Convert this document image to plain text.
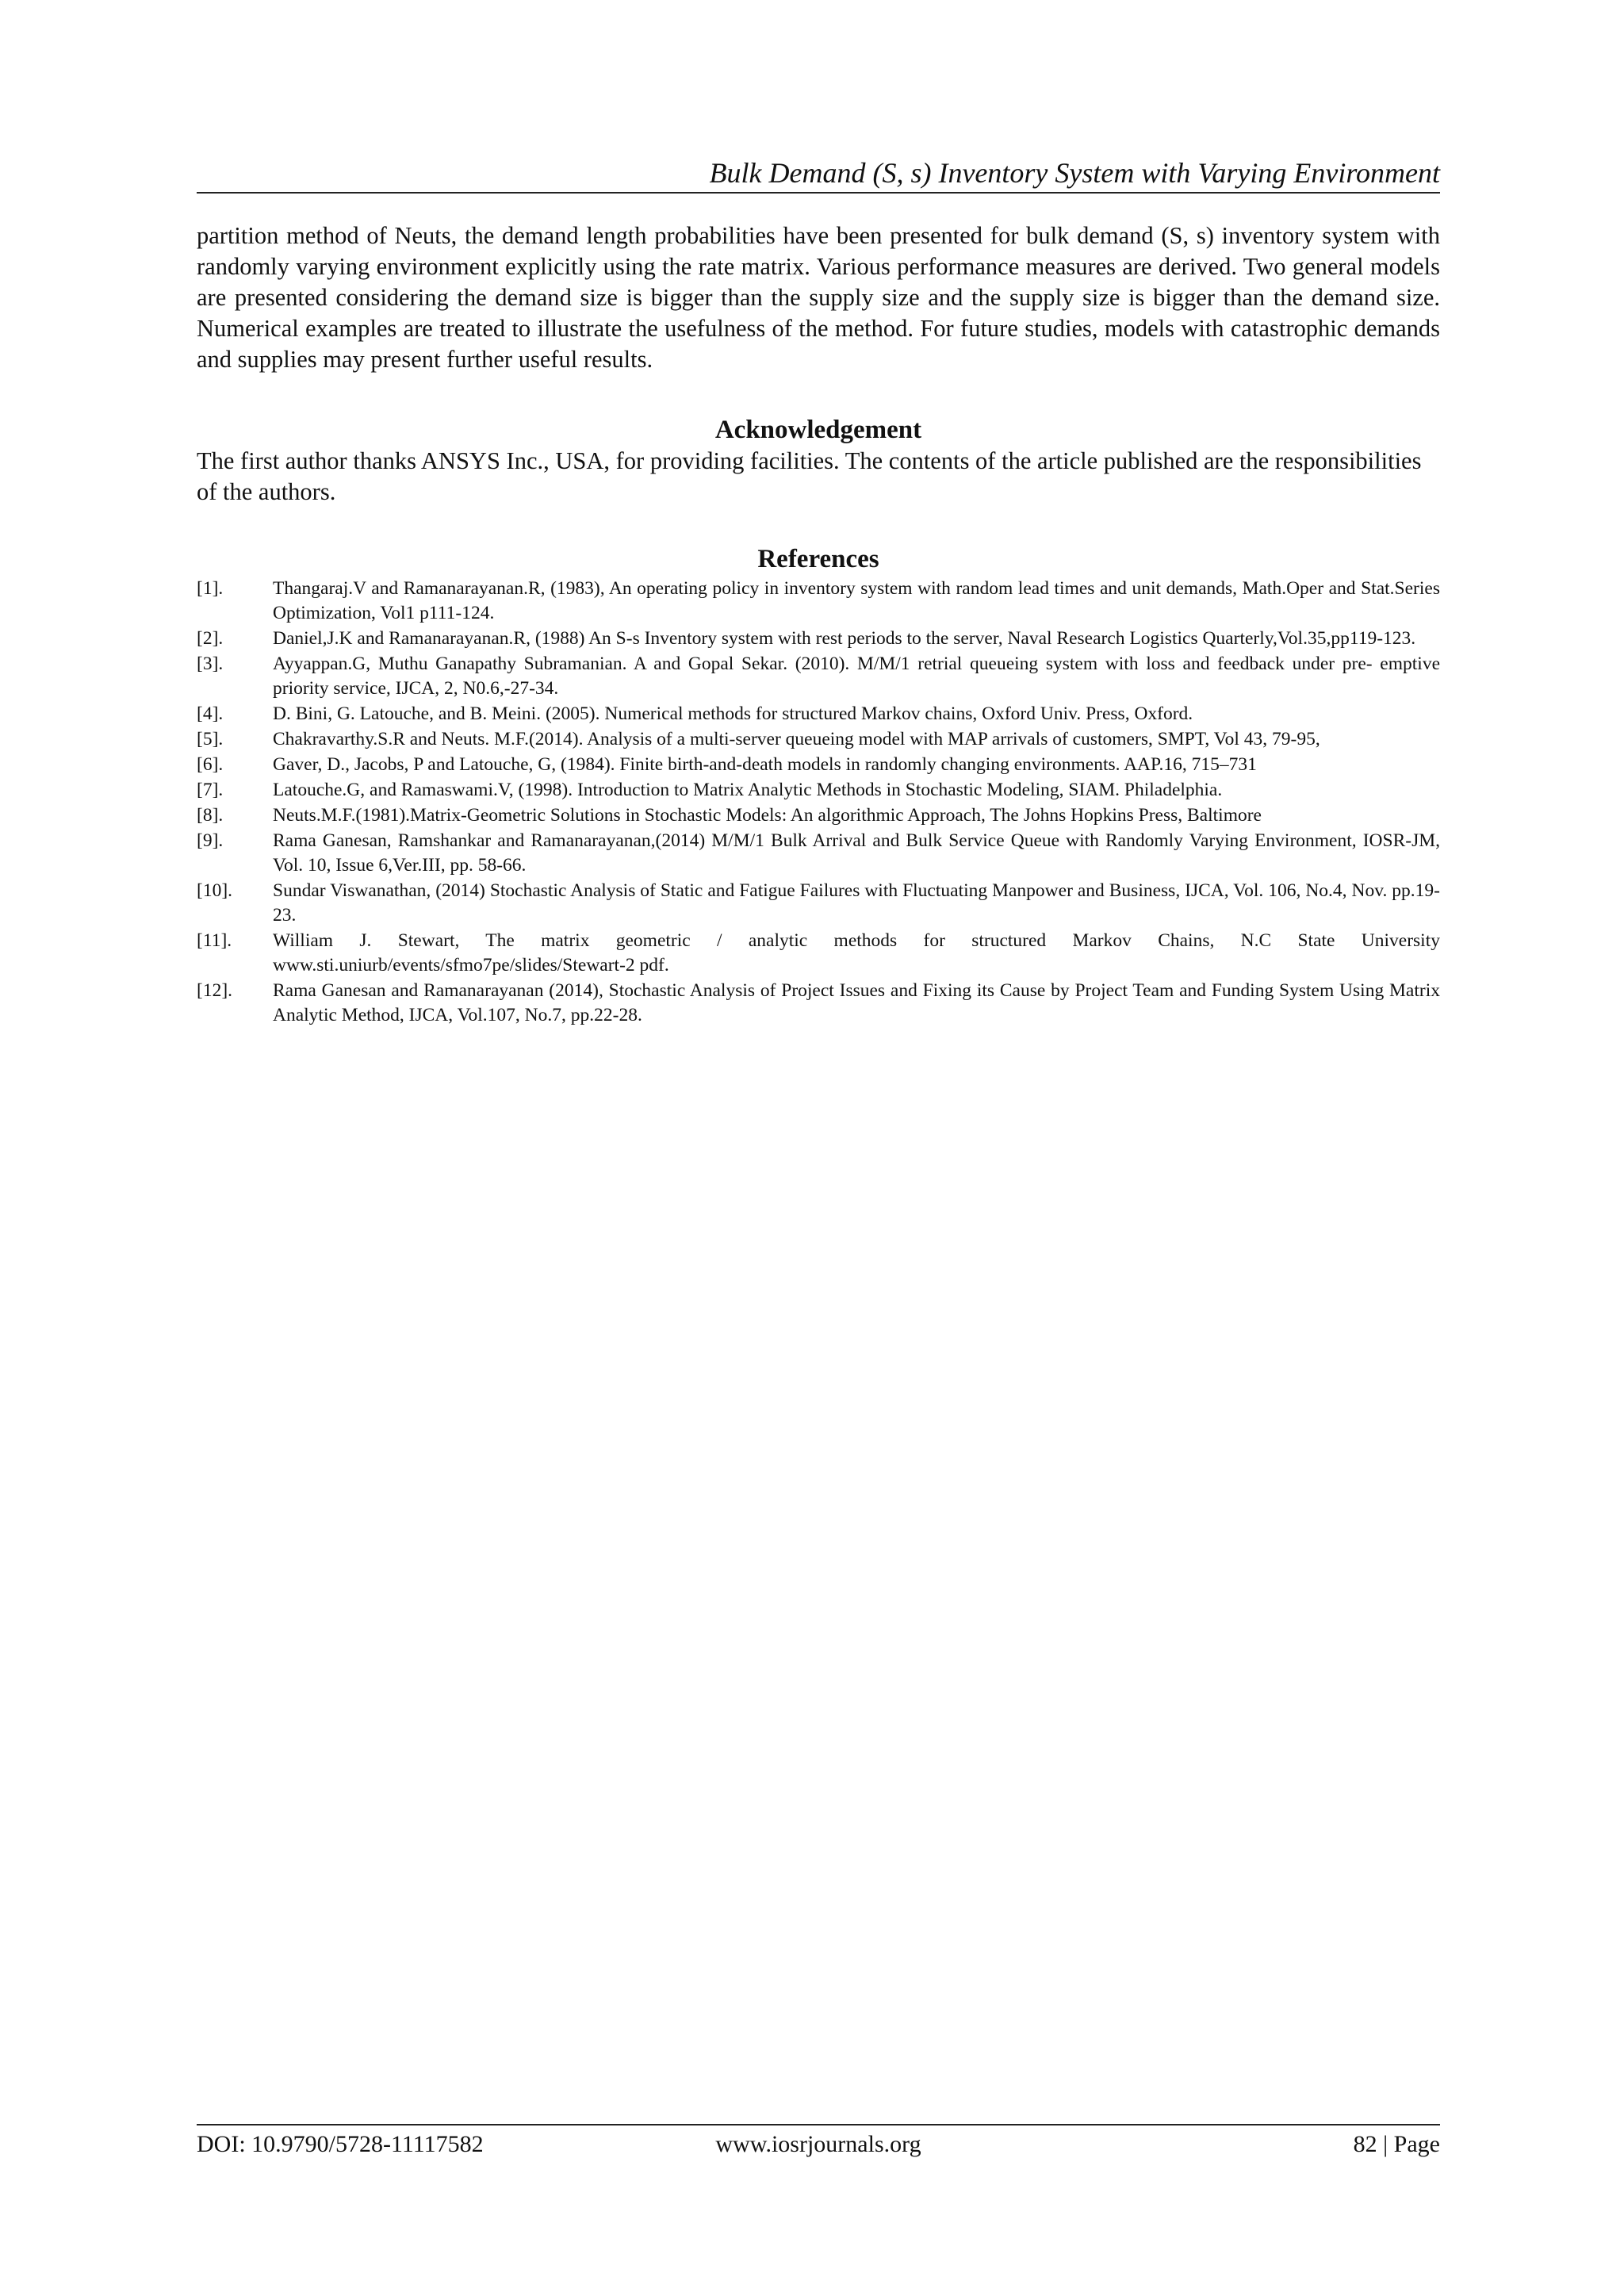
Bulk Demand (S, s) Inventory System with Varying Environment

partition method of Neuts, the demand length probabilities have been presented for bulk demand (S, s) inventory system with randomly varying environment explicitly using the rate matrix. Various performance measures are derived. Two general models are presented considering the demand size is bigger than the supply size and the supply size is bigger than the demand size. Numerical examples are treated to illustrate the usefulness of the method. For future studies, models with catastrophic demands and supplies may present further useful results.

Acknowledgement

The first author thanks ANSYS Inc., USA, for providing facilities. The contents of the article published are the responsibilities of the authors.

References
[1].	Thangaraj.V and Ramanarayanan.R, (1983), An operating policy in inventory system with random lead times and unit demands, Math.Oper and Stat.Series Optimization, Vol1 p111-124.
[2].	Daniel,J.K and Ramanarayanan.R, (1988) An S-s Inventory system with rest periods to the server, Naval Research Logistics Quarterly,Vol.35,pp119-123.
[3].	Ayyappan.G, Muthu Ganapathy Subramanian. A and Gopal Sekar. (2010). M/M/1 retrial queueing system with loss and feedback under pre- emptive priority service, IJCA, 2, N0.6,-27-34.
[4].	D. Bini, G. Latouche, and B. Meini. (2005). Numerical methods for structured Markov chains, Oxford Univ. Press, Oxford.
[5].	Chakravarthy.S.R and Neuts. M.F.(2014). Analysis of a multi-server queueing model with MAP arrivals of customers, SMPT, Vol 43, 79-95,
[6].	Gaver, D., Jacobs, P and Latouche, G, (1984). Finite birth-and-death models in randomly changing environments. AAP.16, 715–731
[7].	Latouche.G, and Ramaswami.V, (1998). Introduction to Matrix Analytic Methods in Stochastic Modeling, SIAM. Philadelphia.
[8].	Neuts.M.F.(1981).Matrix-Geometric Solutions in Stochastic Models: An algorithmic Approach, The Johns Hopkins Press, Baltimore
[9].	Rama Ganesan, Ramshankar and Ramanarayanan,(2014) M/M/1 Bulk Arrival and Bulk Service Queue with Randomly Varying Environment, IOSR-JM, Vol. 10, Issue 6,Ver.III, pp. 58-66.
[10]. Sundar Viswanathan, (2014) Stochastic Analysis of Static and Fatigue Failures with Fluctuating Manpower and Business, IJCA, Vol. 106, No.4, Nov. pp.19-23.
[11]. William J. Stewart, The matrix geometric / analytic methods for structured Markov Chains, N.C State University www.sti.uniurb/events/sfmo7pe/slides/Stewart-2 pdf.
[12]. Rama Ganesan and Ramanarayanan (2014), Stochastic Analysis of Project Issues and Fixing its Cause by Project Team and Funding System Using Matrix Analytic Method, IJCA, Vol.107, No.7, pp.22-28.
DOI: 10.9790/5728-11117582	www.iosrjournals.org	82 | Page
